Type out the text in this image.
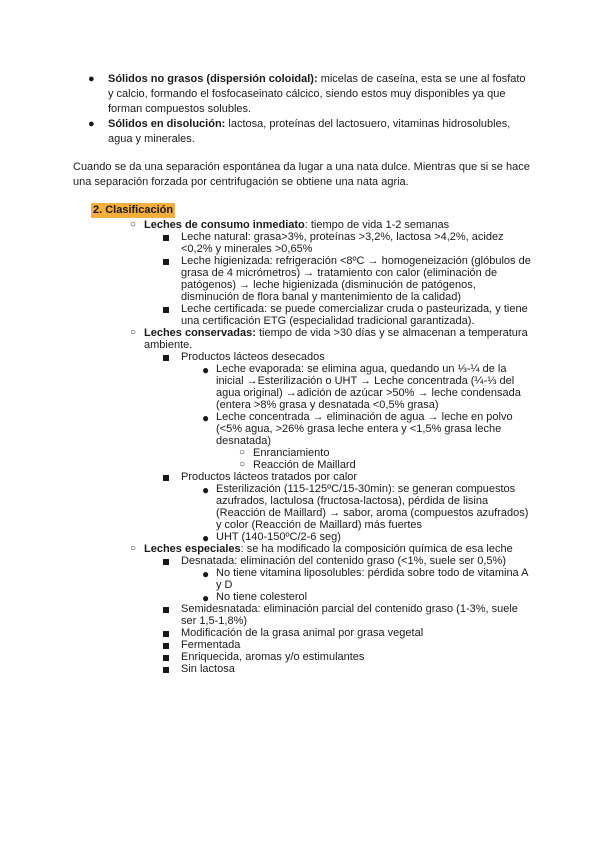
● Sólidos no grasos (dispersión coloidal): micelas de caseína, esta se une al fosfato y calcio, formando el fosfocaseinato cálcico, siendo estos muy disponibles ya que forman compuestos solubles.
● Sólidos en disolución: lactosa, proteínas del lactosuero, vitaminas hidrosolubles, agua y minerales.
Cuando se da una separación espontánea da lugar a una nata dulce. Mientras que si se hace una separación forzada por centrifugación se obtiene una nata agria.
2. Clasificación
○ Leches de consumo inmediato: tiempo de vida 1-2 semanas
Leche natural: grasa>3%, proteínas >3,2%, lactosa >4,2%, acidez <0,2% y minerales >0,65%
Leche higienizada: refrigeración <8ºC → homogeneización (glóbulos de grasa de 4 micrómetros) → tratamiento con calor (eliminación de patógenos) → leche higienizada (disminución de patógenos, disminución de flora banal y mantenimiento de la calidad)
Leche certificada: se puede comercializar cruda o pasteurizada, y tiene una certificación ETG (especialidad tradicional garantizada).
○ Leches conservadas: tiempo de vida >30 días y se almacenan a temperatura ambiente.
Productos lácteos desecados
● Leche evaporada: se elimina agua, quedando un ⅓-¼ de la inicial →Esterilización o UHT → Leche concentrada (¼-⅓ del agua original) →adición de azúcar >50% → leche condensada (entera >8% grasa y desnatada <0,5% grasa)
● Leche concentrada → eliminación de agua → leche en polvo (<5% agua, >26% grasa leche entera y <1,5% grasa leche desnatada)
○ Enranciamiento
○ Reacción de Maillard
Productos lácteos tratados por calor
● Esterilización (115-125ºC/15-30min): se generan compuestos azufrados, lactulosa (fructosa-lactosa), pérdida de lisina (Reacción de Maillard) → sabor, aroma (compuestos azufrados) y color (Reacción de Maillard) más fuertes
● UHT (140-150ºC/2-6 seg)
○ Leches especiales: se ha modificado la composición química de esa leche
Desnatada: eliminación del contenido graso (<1%, suele ser 0,5%)
● No tiene vitamina liposolubles: pérdida sobre todo de vitamina A y D
● No tiene colesterol
Semidesnatada: eliminación parcial del contenido graso (1-3%, suele ser 1,5-1,8%)
Modificación de la grasa animal por grasa vegetal
Fermentada
Enriquecida, aromas y/o estimulantes
Sin lactosa
